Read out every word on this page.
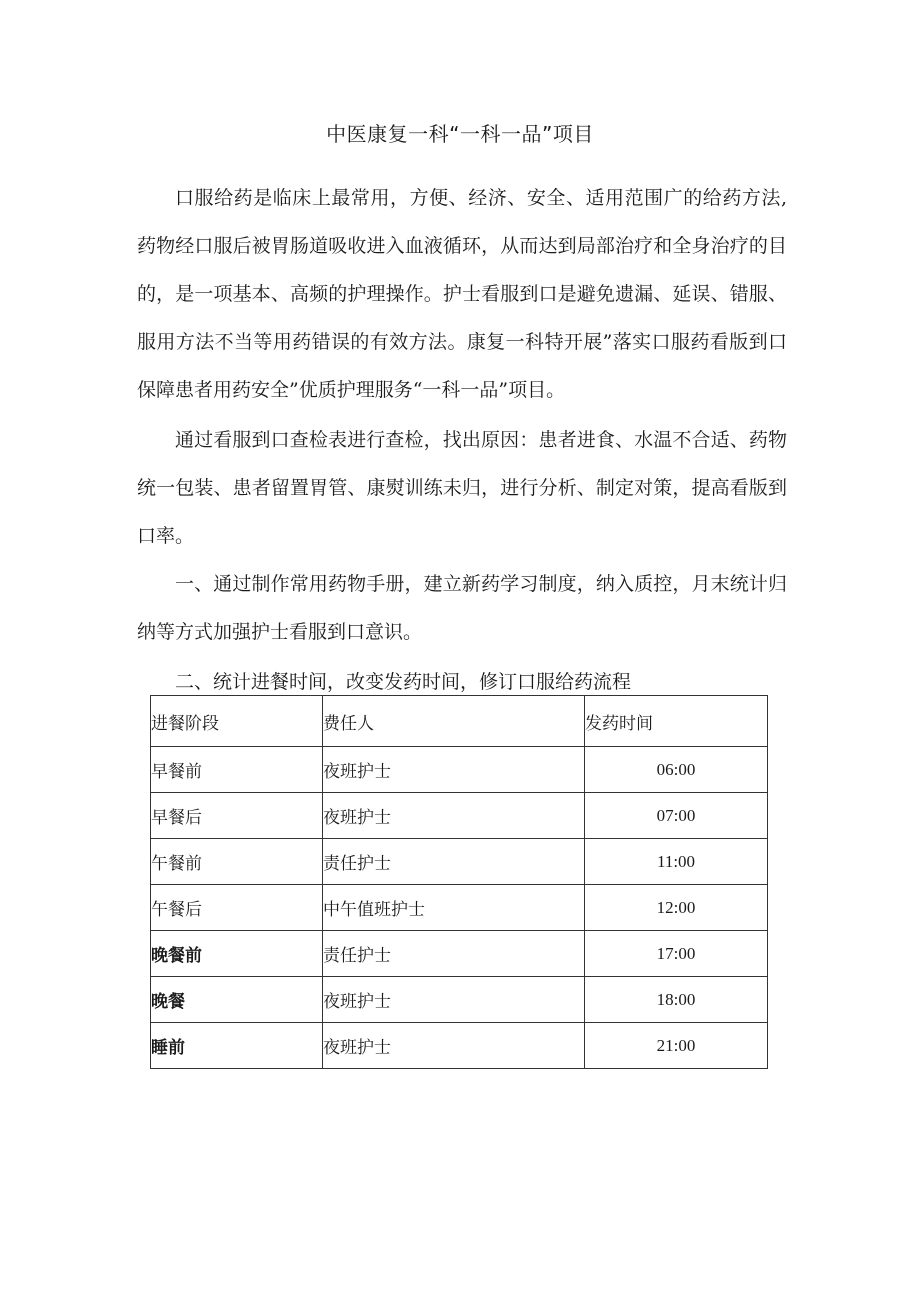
中医康复一科“一科一品”项目

口服给药是临床上最常用，方便、经济、安全、适用范围广的给药方法,药物经口服后被胃肠道吸收进入血液循环，从而达到局部治疗和全身治疗的目的，是一项基本、高频的护理操作。护士看服到口是避免遗漏、延误、错服、服用方法不当等用药错误的有效方法。康复一科特开展”落实口服药看版到口保障患者用药安全”优质护理服务“一科一品”项目。

通过看服到口查检表进行查检，找出原因：患者进食、水温不合适、药物统一包装、患者留置胃管、康熨训练未归，进行分析、制定对策，提高看版到口率。

一、通过制作常用药物手册，建立新药学习制度，纳入质控，月末统计归纳等方式加强护士看服到口意识。

二、统计进餐时间，改变发药时间，修订口服给药流程

进餐阶段	费任人	发药时间
早餐前	夜班护士	06:00
早餐后	夜班护士	07:00
午餐前	责任护士	11:00
午餐后	中午值班护士	12:00
晚餐前	责任护士	17:00
晚餐	夜班护士	18:00
睡前	夜班护士	21:00
